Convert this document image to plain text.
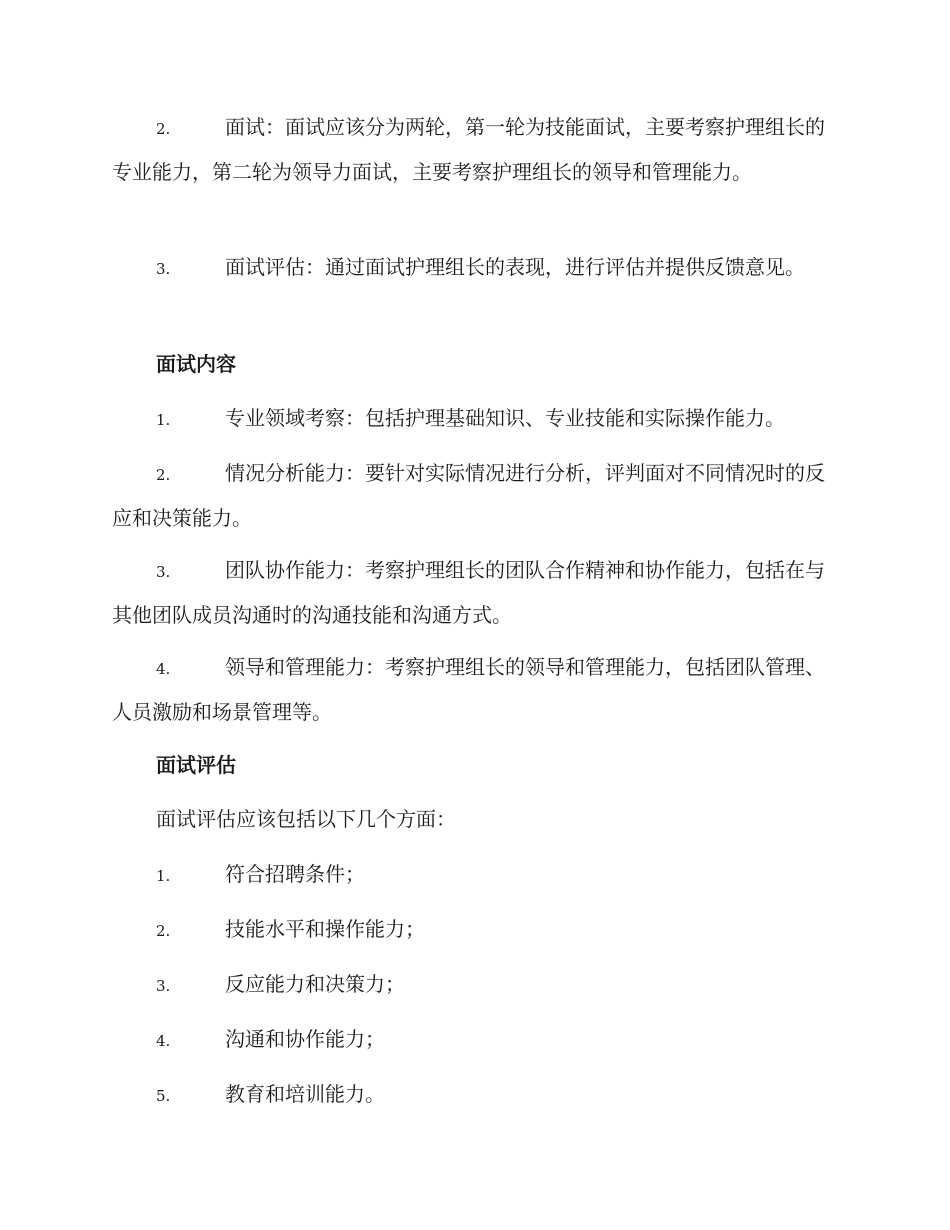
2.	面试：面试应该分为两轮，第一轮为技能面试，主要考察护理组长的专业能力，第二轮为领导力面试，主要考察护理组长的领导和管理能力。

3.	面试评估：通过面试护理组长的表现，进行评估并提供反馈意见。

面试内容

1.	专业领域考察：包括护理基础知识、专业技能和实际操作能力。

2.	情况分析能力：要针对实际情况进行分析，评判面对不同情况时的反应和决策能力。

3.	团队协作能力：考察护理组长的团队合作精神和协作能力，包括在与其他团队成员沟通时的沟通技能和沟通方式。

4.	领导和管理能力：考察护理组长的领导和管理能力，包括团队管理、人员激励和场景管理等。

面试评估

面试评估应该包括以下几个方面：

1.	符合招聘条件；

2.	技能水平和操作能力；

3.	反应能力和决策力；

4.	沟通和协作能力；

5.	教育和培训能力。
